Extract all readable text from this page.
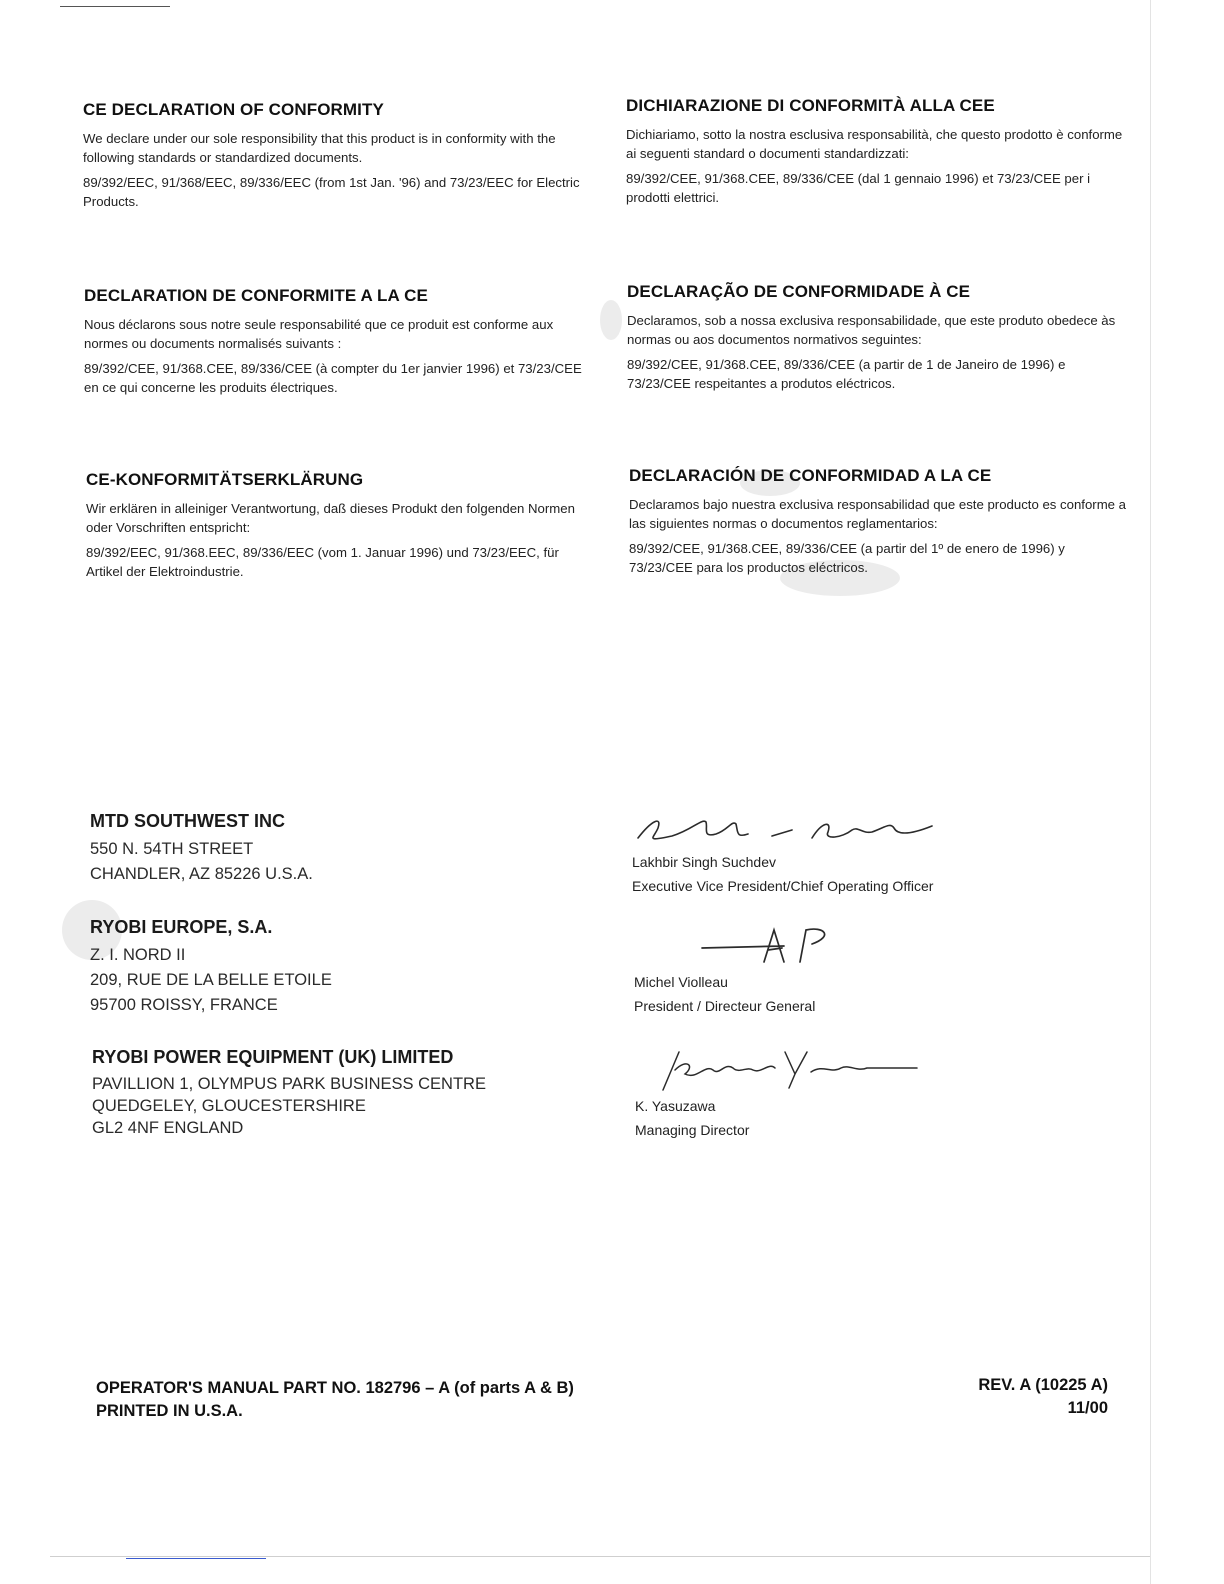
CE DECLARATION OF CONFORMITY

We declare under our sole responsibility that this product is in conformity with the following standards or standardized documents.

89/392/EEC, 91/368/EEC, 89/336/EEC (from 1st Jan. '96) and 73/23/EEC for Electric Products.

DICHIARAZIONE DI CONFORMITÀ ALLA CEE

Dichiariamo, sotto la nostra esclusiva responsabilità, che questo prodotto è conforme ai seguenti standard o documenti standardizzati:

89/392/CEE, 91/368.CEE, 89/336/CEE (dal 1 gennaio 1996) et 73/23/CEE per i prodotti elettrici.

DECLARATION DE CONFORMITE A LA CE

Nous déclarons sous notre seule responsabilité que ce produit est conforme aux normes ou documents normalisés suivants :

89/392/CEE, 91/368.CEE, 89/336/CEE (à compter du 1er janvier 1996) et 73/23/CEE en ce qui concerne les produits électriques.

DECLARAÇÃO DE CONFORMIDADE À CE

Declaramos, sob a nossa exclusiva responsabilidade, que este produto obedece às normas ou aos documentos normativos seguintes:

89/392/CEE, 91/368.CEE, 89/336/CEE (a partir de 1 de Janeiro de 1996) e 73/23/CEE respeitantes a produtos eléctricos.

CE-KONFORMITÄTSERKLÄRUNG

Wir erklären in alleiniger Verantwortung, daß dieses Produkt den folgenden Normen oder Vorschriften entspricht:

89/392/EEC, 91/368.EEC, 89/336/EEC (vom 1. Januar 1996) und 73/23/EEC, für Artikel der Elektroindustrie.

DECLARACIÓN DE CONFORMIDAD A LA CE

Declaramos bajo nuestra exclusiva responsabilidad que este producto es conforme a las siguientes normas o documentos reglamentarios:

89/392/CEE, 91/368.CEE, 89/336/CEE (a partir del 1º de enero de 1996) y 73/23/CEE para los productos eléctricos.

MTD SOUTHWEST INC
550 N. 54TH STREET
CHANDLER, AZ 85226 U.S.A.
RYOBI EUROPE, S.A.
Z. I. NORD II
209, RUE DE LA BELLE ETOILE
95700 ROISSY, FRANCE
RYOBI POWER EQUIPMENT (UK) LIMITED
PAVILLION 1, OLYMPUS PARK BUSINESS CENTRE
QUEDGELEY, GLOUCESTERSHIRE
GL2 4NF ENGLAND
Lakhbir Singh Suchdev
Executive Vice President/Chief Operating Officer
Michel Violleau
President / Directeur General
K. Yasuzawa
Managing Director
OPERATOR'S MANUAL PART NO. 182796 – A (of parts A & B)
PRINTED IN U.S.A.
REV. A (10225 A)
11/00
